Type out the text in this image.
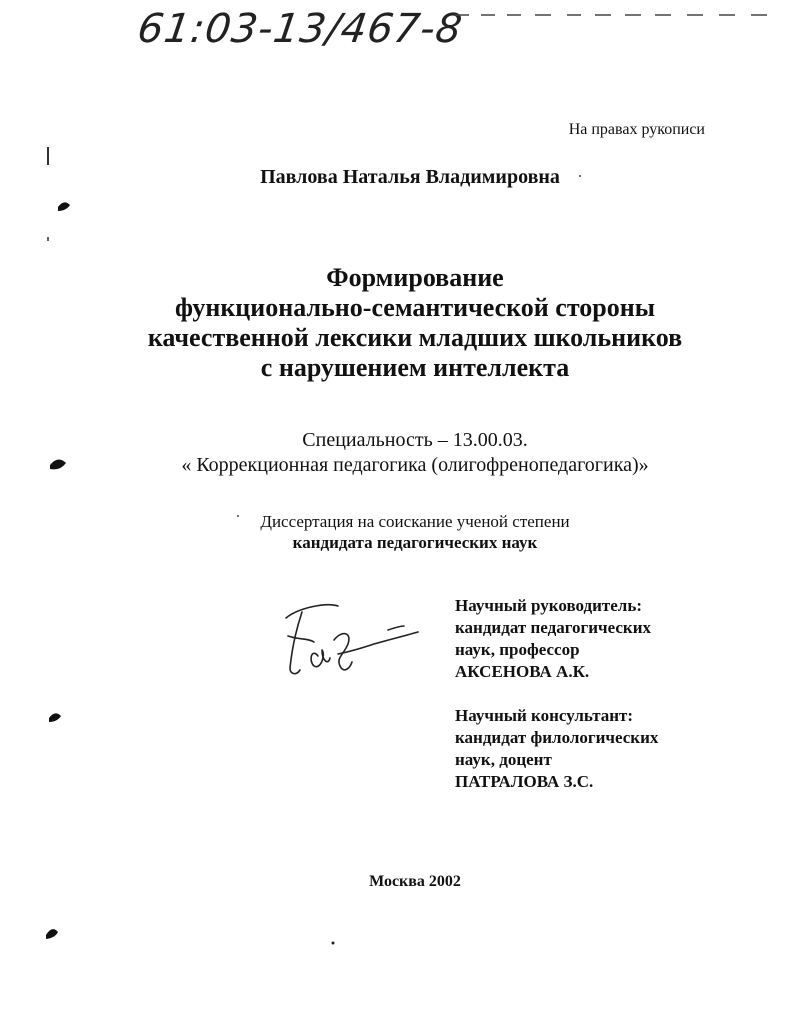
61:03-13/467-8
На правах рукописи
Павлова Наталья Владимировна
Формирование
функционально-семантической стороны
качественной лексики младших школьников
с нарушением интеллекта
Специальность – 13.00.03.
« Коррекционная педагогика (олигофренопедагогика)»
Диссертация на соискание ученой степени
кандидата педагогических наук
Научный руководитель:
кандидат педагогических
наук, профессор
АКСЕНОВА А.К.
Научный консультант:
кандидат филологических
наук, доцент
ПАТРАЛОВА З.С.
Москва 2002
